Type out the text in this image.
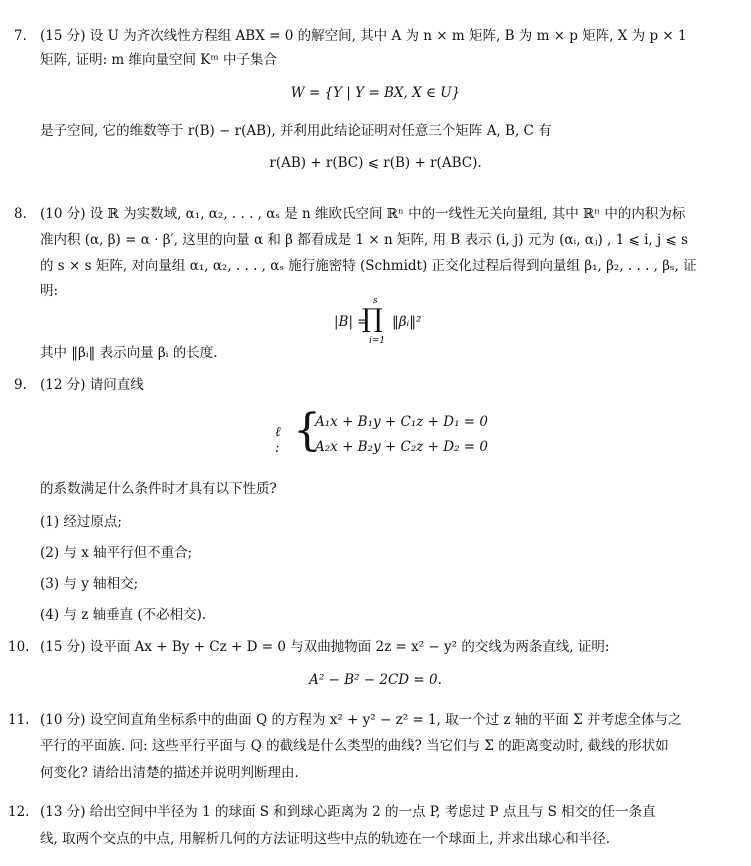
7. (15 分) 设 U 为齐次线性方程组 ABX = 0 的解空间, 其中 A 为 n × m 矩阵, B 为 m × p 矩阵, X 为 p × 1
矩阵, 证明: m 维向量空间 Kᵐ 中子集合
W = {Y | Y = BX, X ∈ U}
是子空间, 它的维数等于 r(B) − r(AB), 并利用此结论证明对任意三个矩阵 A, B, C 有
r(AB) + r(BC) ⩽ r(B) + r(ABC).
8. (10 分) 设 ℝ 为实数域, α₁, α₂, . . . , αₛ 是 n 维欧氏空间 ℝⁿ 中的一线性无关向量组, 其中 ℝⁿ 中的内积为标
准内积 (α, β) = α · β′, 这里的向量 α 和 β 都看成是 1 × n 矩阵, 用 B 表示 (i, j) 元为 (αᵢ, αⱼ) , 1 ⩽ i, j ⩽ s
的 s × s 矩阵, 对向量组 α₁, α₂, . . . , αₛ 施行施密特 (Schmidt) 正交化过程后得到向量组 β₁, β₂, . . . , βₛ, 证
明:
|B| =
∏
s
i=1
‖βᵢ‖²
其中 ‖βᵢ‖ 表示向量 βᵢ 的长度.
9. (12 分) 请问直线
ℓ : {
A₁x + B₁y + C₁z + D₁ = 0
A₂x + B₂y + C₂z + D₂ = 0
的系数满足什么条件时才具有以下性质?
(1) 经过原点;
(2) 与 x 轴平行但不重合;
(3) 与 y 轴相交;
(4) 与 z 轴垂直 (不必相交).
10. (15 分) 设平面 Ax + By + Cz + D = 0 与双曲抛物面 2z = x² − y² 的交线为两条直线, 证明:
A² − B² − 2CD = 0.
11. (10 分) 设空间直角坐标系中的曲面 Q 的方程为 x² + y² − z² = 1, 取一个过 z 轴的平面 Σ 并考虑全体与之
平行的平面族. 问: 这些平行平面与 Q 的截线是什么类型的曲线? 当它们与 Σ 的距离变动时, 截线的形状如
何变化? 请给出清楚的描述并说明判断理由.
12. (13 分) 给出空间中半径为 1 的球面 S 和到球心距离为 2 的一点 P, 考虑过 P 点且与 S 相交的任一条直
线, 取两个交点的中点, 用解析几何的方法证明这些中点的轨迹在一个球面上, 并求出球心和半径.
